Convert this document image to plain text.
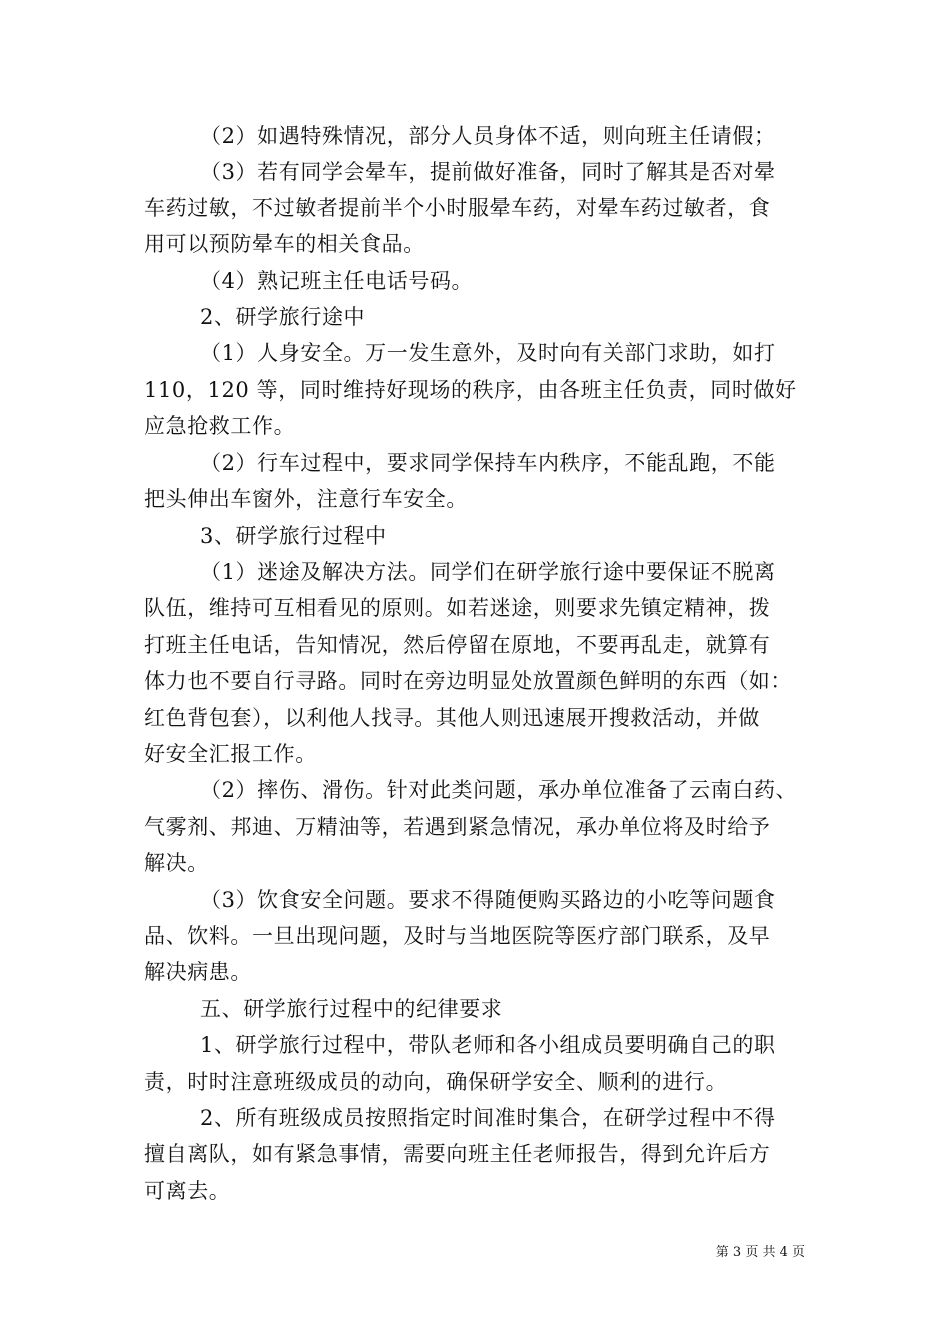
（2）如遇特殊情况，部分人员身体不适，则向班主任请假；
（3）若有同学会晕车，提前做好准备，同时了解其是否对晕
车药过敏，不过敏者提前半个小时服晕车药，对晕车药过敏者，食
用可以预防晕车的相关食品。
（4）熟记班主任电话号码。
2、研学旅行途中
（1）人身安全。万一发生意外，及时向有关部门求助，如打
110，120 等，同时维持好现场的秩序，由各班主任负责，同时做好
应急抢救工作。
（2）行车过程中，要求同学保持车内秩序，不能乱跑，不能
把头伸出车窗外，注意行车安全。
3、研学旅行过程中
（1）迷途及解决方法。同学们在研学旅行途中要保证不脱离
队伍，维持可互相看见的原则。如若迷途，则要求先镇定精神，拨
打班主任电话，告知情况，然后停留在原地，不要再乱走，就算有
体力也不要自行寻路。同时在旁边明显处放置颜色鲜明的东西（如：
红色背包套），以利他人找寻。其他人则迅速展开搜救活动，并做
好安全汇报工作。
（2）摔伤、滑伤。针对此类问题，承办单位准备了云南白药、
气雾剂、邦迪、万精油等，若遇到紧急情况，承办单位将及时给予
解决。
（3）饮食安全问题。要求不得随便购买路边的小吃等问题食
品、饮料。一旦出现问题，及时与当地医院等医疗部门联系，及早
解决病患。
五、研学旅行过程中的纪律要求
1、研学旅行过程中，带队老师和各小组成员要明确自己的职
责，时时注意班级成员的动向，确保研学安全、顺利的进行。
2、所有班级成员按照指定时间准时集合，在研学过程中不得
擅自离队，如有紧急事情，需要向班主任老师报告，得到允许后方
可离去。
第 3 页 共 4 页
